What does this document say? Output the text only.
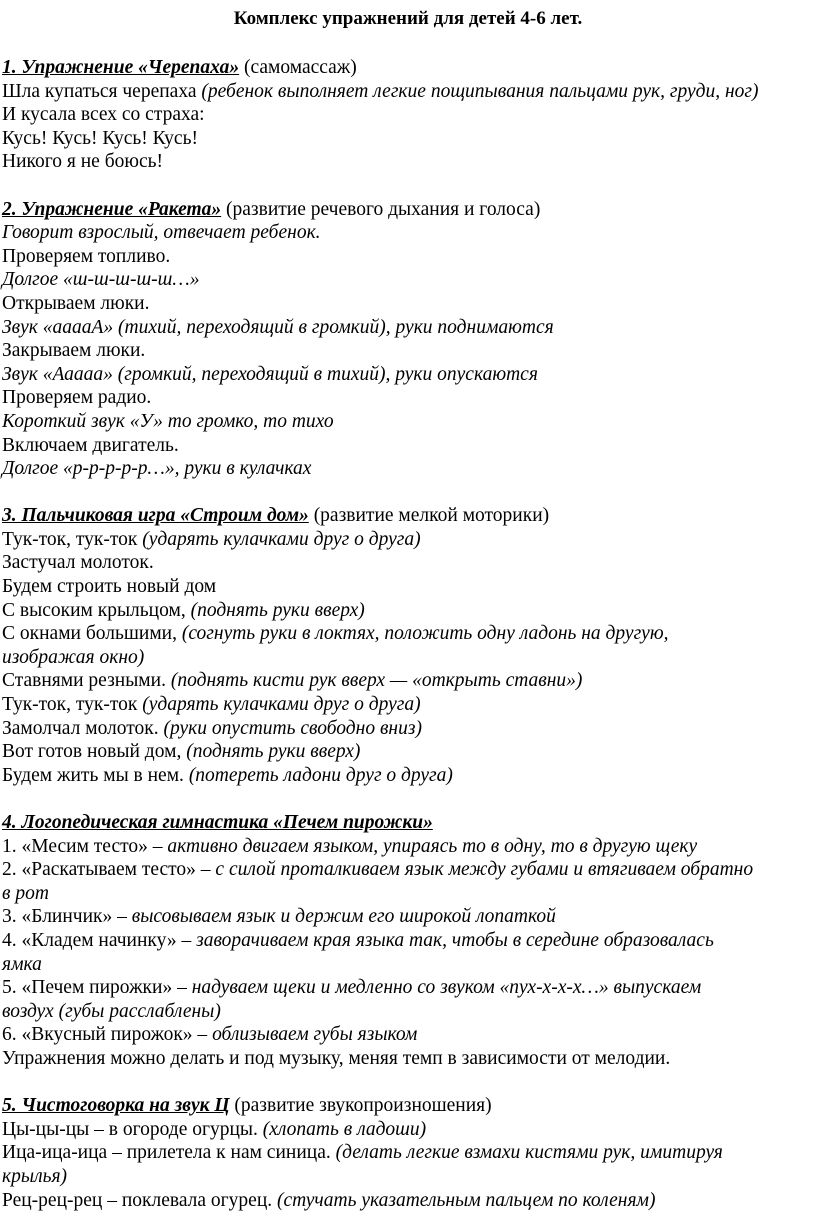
Комплекс упражнений для детей 4-6 лет.
1. Упражнение «Черепаха» (самомассаж)
Шла купаться черепаха (ребенок выполняет легкие пощипывания пальцами рук, груди, ног)
И кусала всех со страха:
Кусь! Кусь! Кусь! Кусь!
Никого я не боюсь!
2. Упражнение «Ракета» (развитие речевого дыхания и голоса)
Говорит взрослый, отвечает ребенок.
Проверяем топливо.
Долгое «ш-ш-ш-ш-ш…»
Открываем люки.
Звук «ааааА» (тихий, переходящий в громкий), руки поднимаются
Закрываем люки.
Звук «Ааааа» (громкий, переходящий в тихий), руки опускаются
Проверяем радио.
Короткий звук «У» то громко, то тихо
Включаем двигатель.
Долгое «р-р-р-р-р…», руки в кулачках
3. Пальчиковая игра «Строим дом» (развитие мелкой моторики)
Тук-ток, тук-ток (ударять кулачками друг о друга)
Застучал молоток.
Будем строить новый дом
С высоким крыльцом, (поднять руки вверх)
С окнами большими, (согнуть руки в локтях, положить одну ладонь на другую,
изображая окно)
Ставнями резными. (поднять кисти рук вверх — «открыть ставни»)
Тук-ток, тук-ток (ударять кулачками друг о друга)
Замолчал молоток. (руки опустить свободно вниз)
Вот готов новый дом, (поднять руки вверх)
Будем жить мы в нем. (потереть ладони друг о друга)
4. Логопедическая гимнастика «Печем пирожки»
1. «Месим тесто» – активно двигаем языком, упираясь то в одну, то в другую щеку
2. «Раскатываем тесто» – с силой проталкиваем язык между губами и втягиваем обратно
в рот
3. «Блинчик» – высовываем язык и держим его широкой лопаткой
4. «Кладем начинку» – заворачиваем края языка так, чтобы в середине образовалась
ямка
5. «Печем пирожки» – надуваем щеки и медленно со звуком «пух-х-х-х…» выпускаем
воздух (губы расслаблены)
6. «Вкусный пирожок» – облизываем губы языком
Упражнения можно делать и под музыку, меняя темп в зависимости от мелодии.
5. Чистоговорка на звук Ц (развитие звукопроизношения)
Цы-цы-цы – в огороде огурцы. (хлопать в ладоши)
Ица-ица-ица – прилетела к нам синица. (делать легкие взмахи кистями рук, имитируя
крылья)
Рец-рец-рец – поклевала огурец. (стучать указательным пальцем по коленям)
